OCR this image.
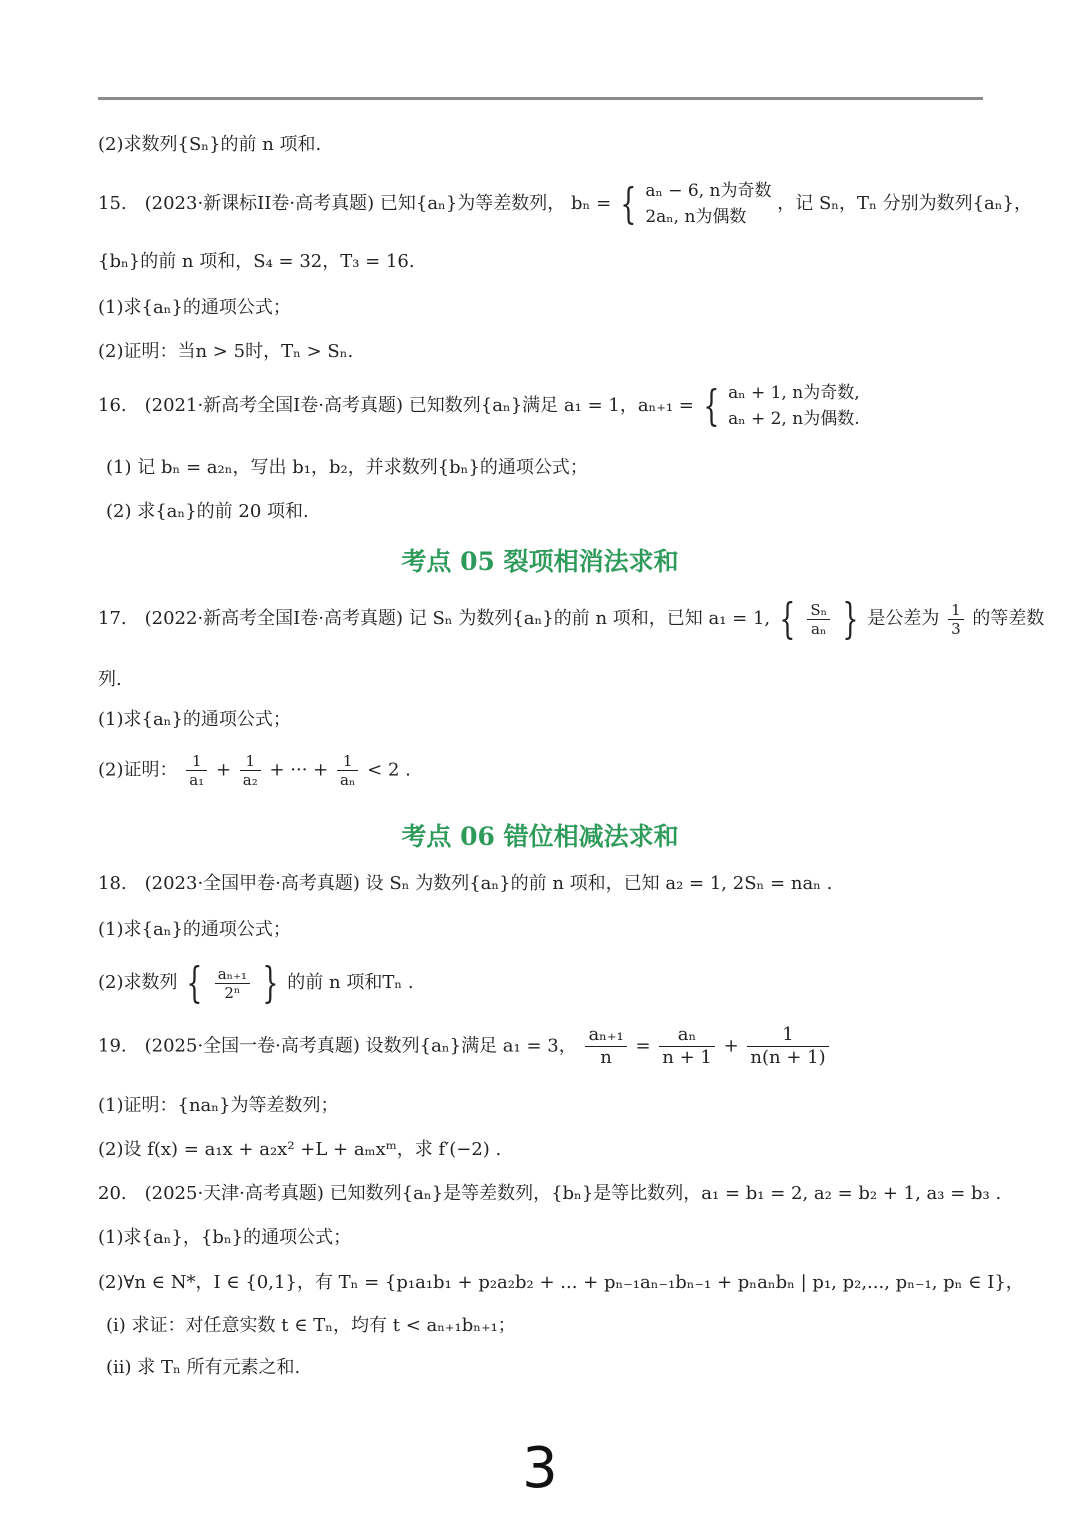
(2)求数列{Sₙ}的前 n 项和.
15.　(2023·新课标II卷·高考真题) 已知{aₙ}为等差数列， bₙ = { aₙ − 6, n为奇数
2aₙ, n为偶数
，记 Sₙ，Tₙ 分别为数列{aₙ}，
{bₙ}的前 n 项和，S₄ = 32，T₃ = 16.
(1)求{aₙ}的通项公式；
(2)证明：当n > 5时，Tₙ > Sₙ.
16.　(2021·新高考全国I卷·高考真题) 已知数列{aₙ}满足 a₁ = 1，aₙ₊₁ = { aₙ + 1, n为奇数,
aₙ + 2, n为偶数.
(1) 记 bₙ = a₂ₙ，写出 b₁，b₂，并求数列{bₙ}的通项公式；
(2) 求{aₙ}的前 20 项和.
考点 05 裂项相消法求和
17.　(2022·新高考全国I卷·高考真题) 记 Sₙ 为数列{aₙ}的前 n 项和，已知 a₁ = 1, { $\frac{\text{Sₙ}}{\text{aₙ}}$ } 是公差为 $\frac{1}{3}$ 的等差数
列.
(1)求{aₙ}的通项公式；
(2)证明： $\frac{1}{\text{a₁}} + \frac{1}{\text{a₂}}$ + ··· + $\frac{1}{\text{aₙ}} < 2$ .
考点 06 错位相减法求和
18.　(2023·全国甲卷·高考真题) 设 Sₙ 为数列{aₙ}的前 n 项和，已知 a₂ = 1, 2Sₙ = naₙ .
(1)求{aₙ}的通项公式；
(2)求数列 { $\frac{\text{aₙ₊₁}}{\text{2ⁿ}}$ } 的前 n 项和Tₙ .
19.　(2025·全国一卷·高考真题) 设数列{aₙ}满足 a₁ = 3， $\frac{\text{aₙ₊₁}}{n} = \frac{\text{aₙ}}{n + 1} + \frac{1}{n(n + 1)}$
(1)证明：{naₙ}为等差数列；
(2)设 f(x) = a₁x + a₂x² +L + aₘxᵐ，求 f′(−2) .
20.　(2025·天津·高考真题) 已知数列{aₙ}是等差数列，{bₙ}是等比数列，a₁ = b₁ = 2, a₂ = b₂ + 1, a₃ = b₃ .
(1)求{aₙ}，{bₙ}的通项公式；
(2)∀n ∈ N*，I ∈ {0,1}，有 Tₙ = {p₁a₁b₁ + p₂a₂b₂ + ... + pₙ₋₁aₙ₋₁bₙ₋₁ + pₙaₙbₙ | p₁, p₂,..., pₙ₋₁, pₙ ∈ I}，
(i) 求证：对任意实数 t ∈ Tₙ，均有 t < aₙ₊₁bₙ₊₁；
(ii) 求 Tₙ 所有元素之和.
3
